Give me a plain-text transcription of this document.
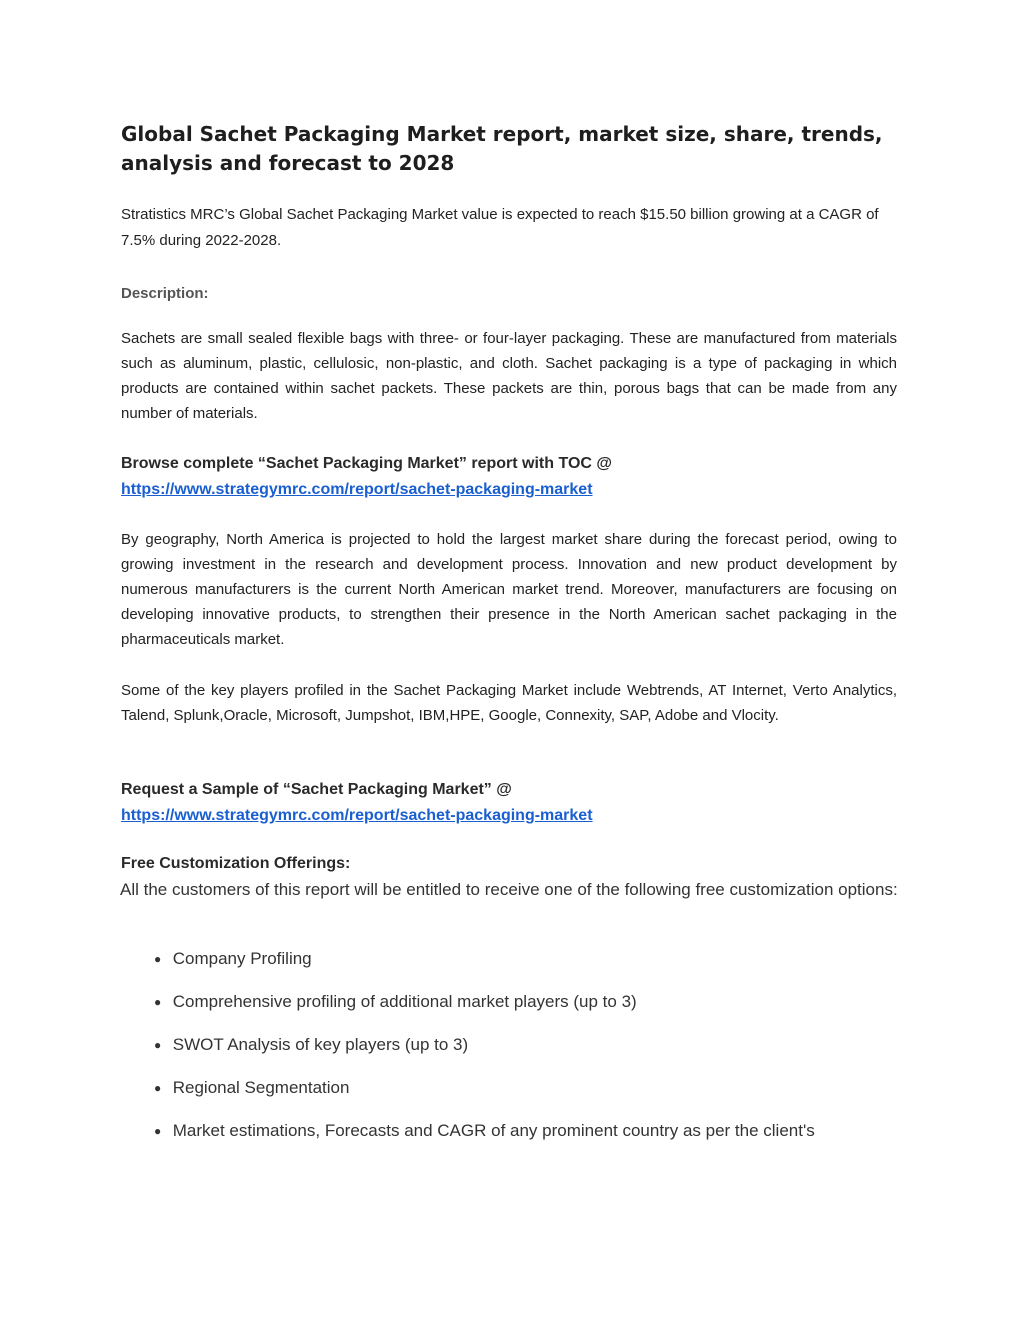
Global Sachet Packaging Market report, market size, share, trends, analysis and forecast to 2028

Stratistics MRC’s Global Sachet Packaging Market value is expected to reach $15.50 billion growing at a CAGR of 7.5% during 2022-2028.

Description:

Sachets are small sealed flexible bags with three- or four-layer packaging. These are manufactured from materials such as aluminum, plastic, cellulosic, non-plastic, and cloth. Sachet packaging is a type of packaging in which products are contained within sachet packets. These packets are thin, porous bags that can be made from any number of materials.

Browse complete “Sachet Packaging Market” report with TOC @
https://www.strategymrc.com/report/sachet-packaging-market

By geography, North America is projected to hold the largest market share during the forecast period, owing to growing investment in the research and development process. Innovation and new product development by numerous manufacturers is the current North American market trend. Moreover, manufacturers are focusing on developing innovative products, to strengthen their presence in the North American sachet packaging in the pharmaceuticals market.

Some of the key players profiled in the Sachet Packaging Market include Webtrends, AT Internet, Verto Analytics, Talend, Splunk,Oracle, Microsoft, Jumpshot, IBM,HPE, Google, Connexity, SAP, Adobe and Vlocity.

Request a Sample of “Sachet Packaging Market” @
https://www.strategymrc.com/report/sachet-packaging-market

Free Customization Offerings:

All the customers of this report will be entitled to receive one of the following free customization options:

● Company Profiling
● Comprehensive profiling of additional market players (up to 3)
● SWOT Analysis of key players (up to 3)
● Regional Segmentation
● Market estimations, Forecasts and CAGR of any prominent country as per the client's
